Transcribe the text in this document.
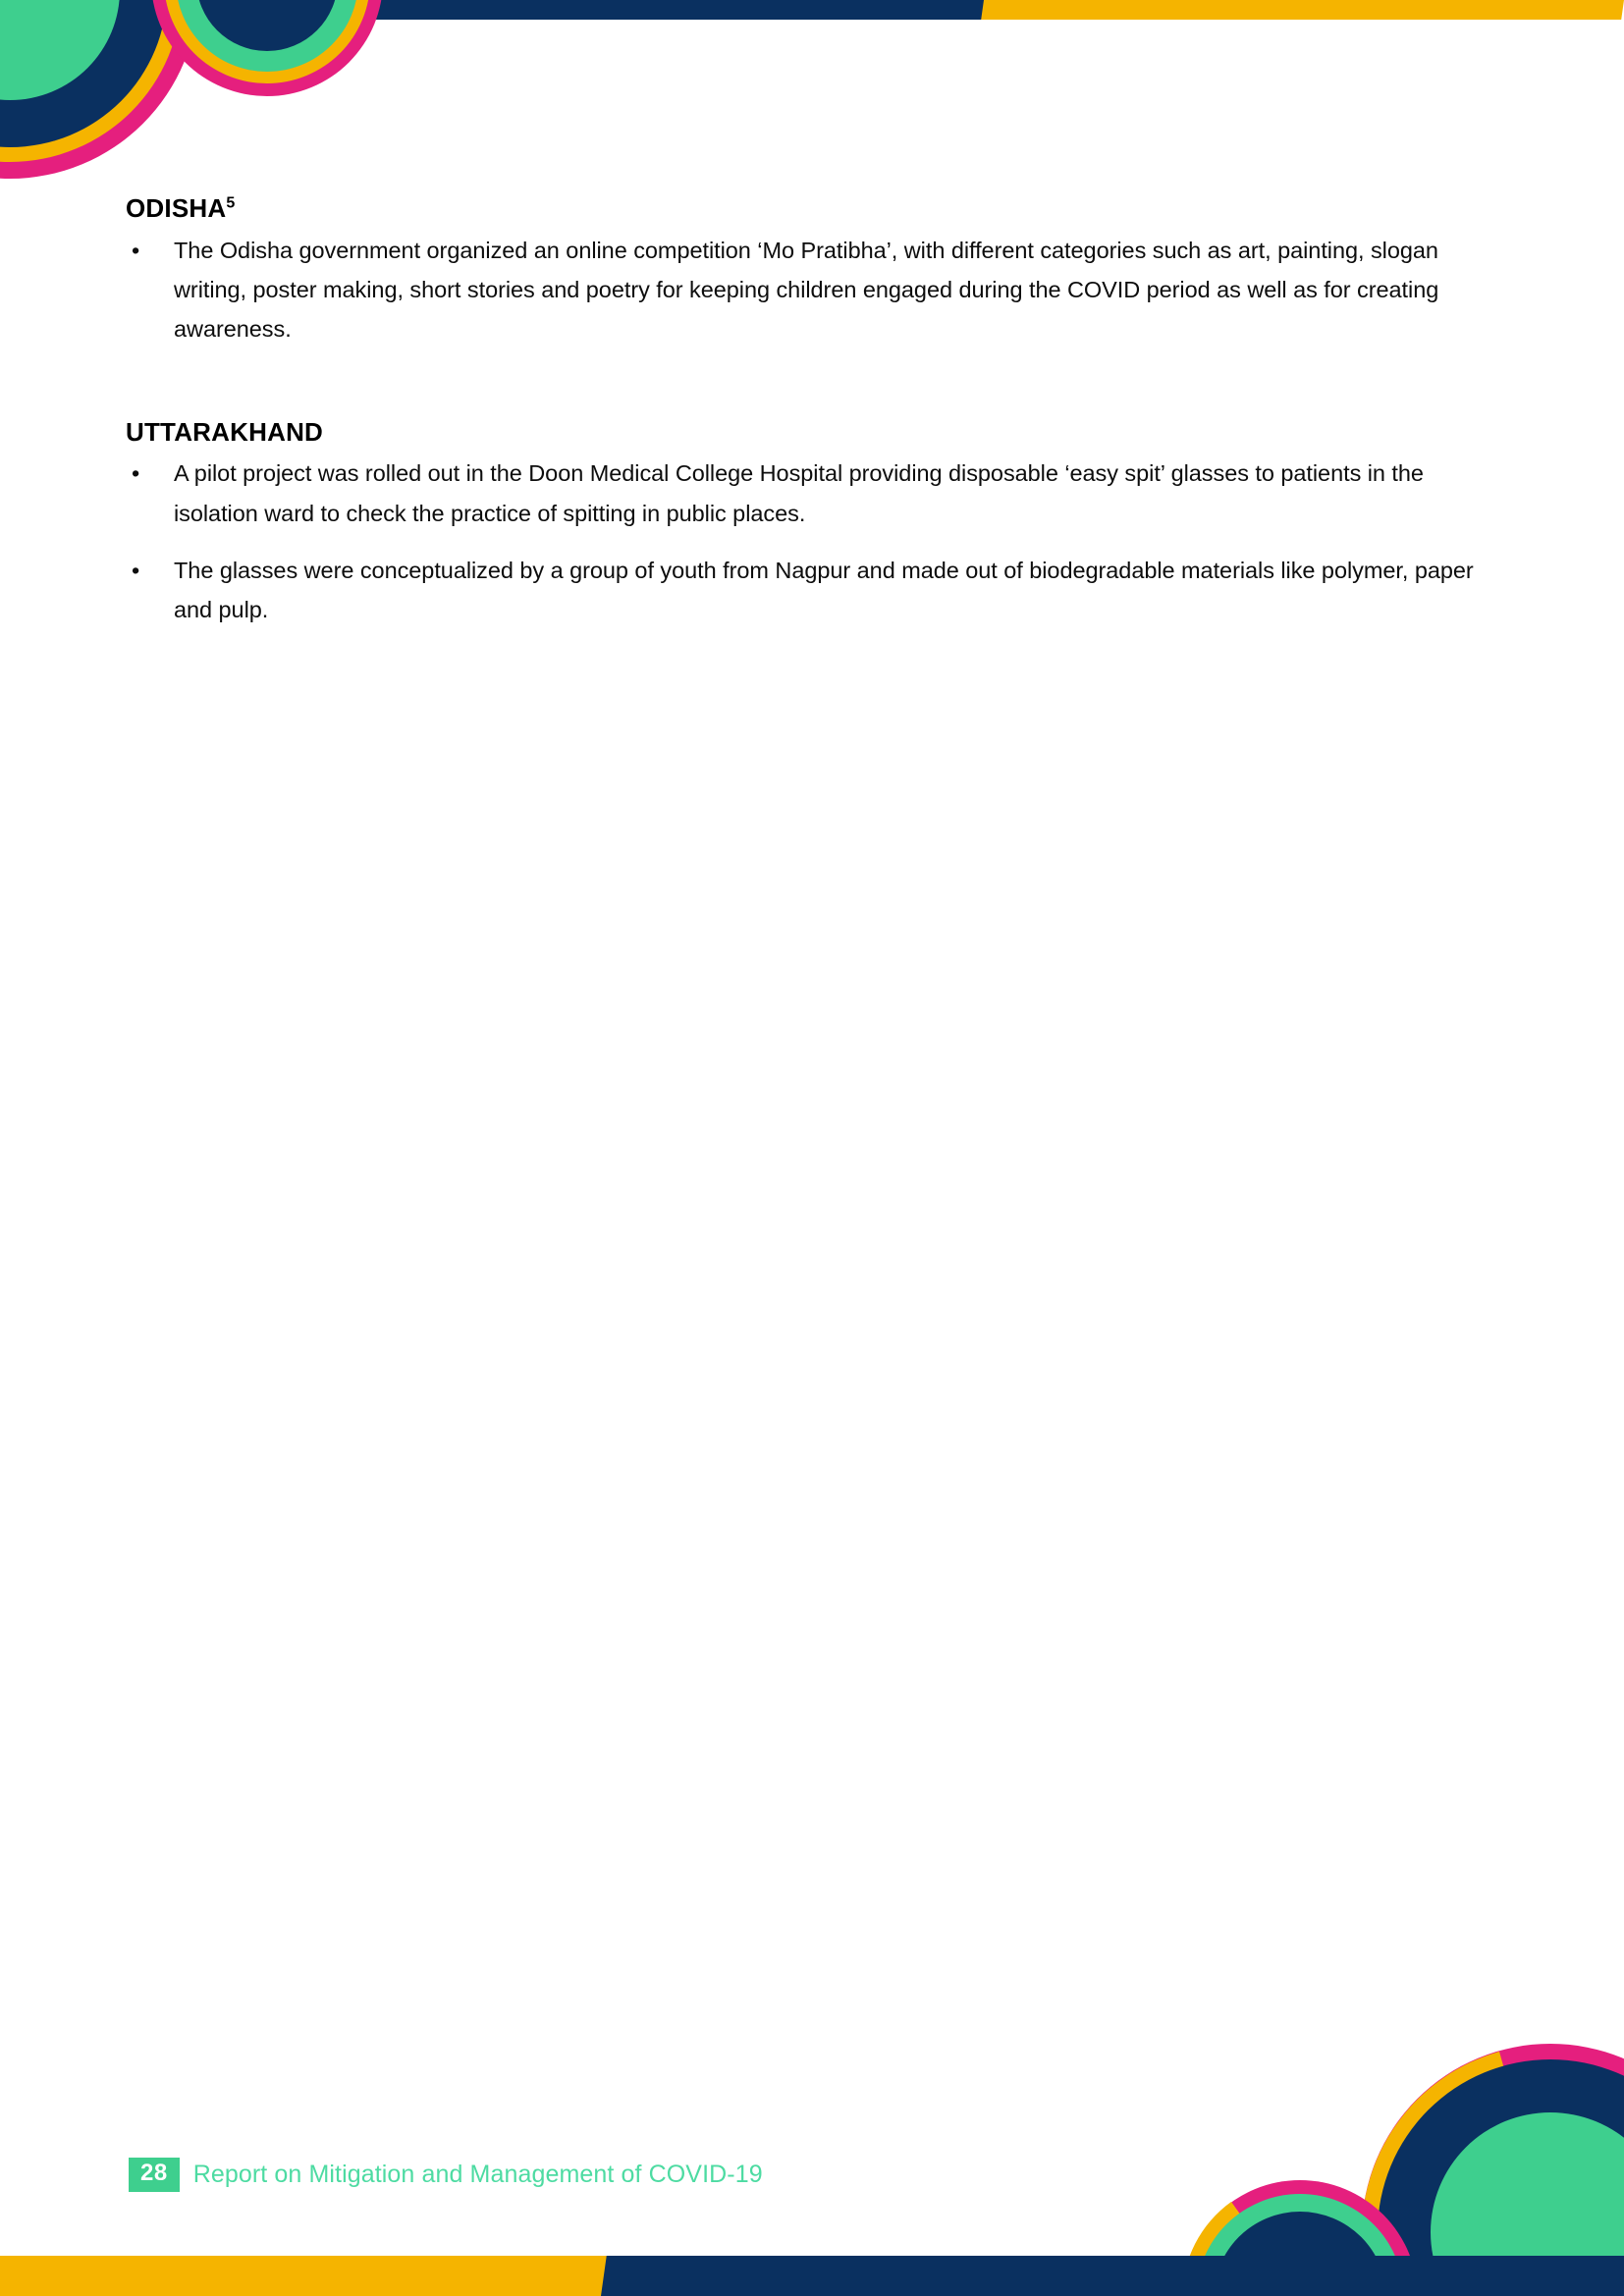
ODISHA$^5$
• The Odisha government organized an online competition ‘Mo Pratibha’, with different categories such as art, painting, slogan writing, poster making, short stories and poetry for keeping children engaged during the COVID period as well as for creating awareness.
UTTARAKHAND
• A pilot project was rolled out in the Doon Medical College Hospital providing disposable ‘easy spit’ glasses to patients in the isolation ward to check the practice of spitting in public places.
• The glasses were conceptualized by a group of youth from Nagpur and made out of biodegradable materials like polymer, paper and pulp.
28	Report on Mitigation and Management of COVID-19
